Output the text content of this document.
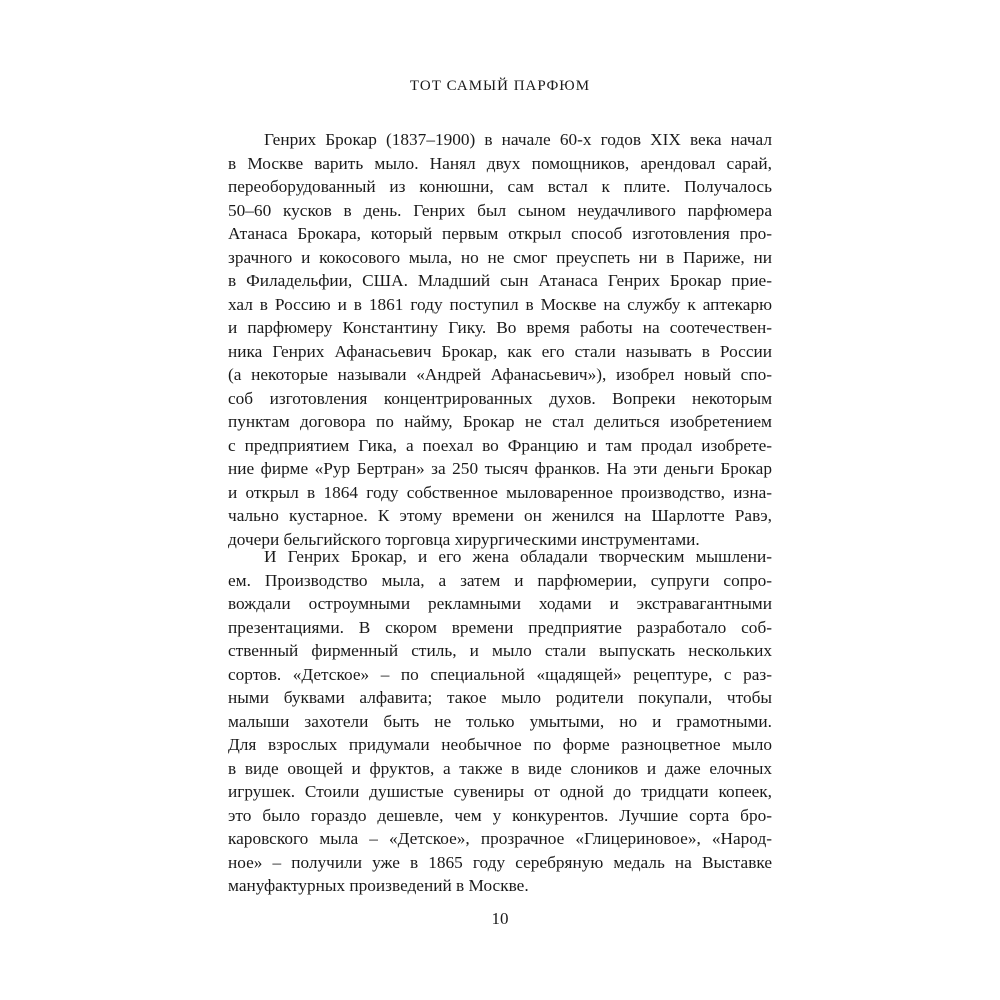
ТОТ САМЫЙ ПАРФЮМ
Генрих Брокар (1837–1900) в начале 60-х годов XIX века начал
в Москве варить мыло. Нанял двух помощников, арендовал сарай,
переоборудованный из конюшни, сам встал к плите. Получалось
50–60 кусков в день. Генрих был сыном неудачливого парфюмера
Атанаса Брокара, который первым открыл способ изготовления про-
зрачного и кокосового мыла, но не смог преуспеть ни в Париже, ни
в Филадельфии, США. Младший сын Атанаса Генрих Брокар прие-
хал в Россию и в 1861 году поступил в Москве на службу к аптекарю
и парфюмеру Константину Гику. Во время работы на соотечествен-
ника Генрих Афанасьевич Брокар, как его стали называть в России
(а некоторые называли «Андрей Афанасьевич»), изобрел новый спо-
соб изготовления концентрированных духов. Вопреки некоторым
пунктам договора по найму, Брокар не стал делиться изобретением
с предприятием Гика, а поехал во Францию и там продал изобрете-
ние фирме «Рур Бертран» за 250 тысяч франков. На эти деньги Брокар
и открыл в 1864 году собственное мыловаренное производство, изна-
чально кустарное. К этому времени он женился на Шарлотте Равэ,
дочери бельгийского торговца хирургическими инструментами.
И Генрих Брокар, и его жена обладали творческим мышлени-
ем. Производство мыла, а затем и парфюмерии, супруги сопро-
вождали остроумными рекламными ходами и экстравагантными
презентациями. В скором времени предприятие разработало соб-
ственный фирменный стиль, и мыло стали выпускать нескольких
сортов. «Детское» – по специальной «щадящей» рецептуре, с раз-
ными буквами алфавита; такое мыло родители покупали, чтобы
малыши захотели быть не только умытыми, но и грамотными.
Для взрослых придумали необычное по форме разноцветное мыло
в виде овощей и фруктов, а также в виде слоников и даже елочных
игрушек. Стоили душистые сувениры от одной до тридцати копеек,
это было гораздо дешевле, чем у конкурентов. Лучшие сорта бро-
каровского мыла – «Детское», прозрачное «Глицериновое», «Народ-
ное» – получили уже в 1865 году серебряную медаль на Выставке
мануфактурных произведений в Москве.
10
